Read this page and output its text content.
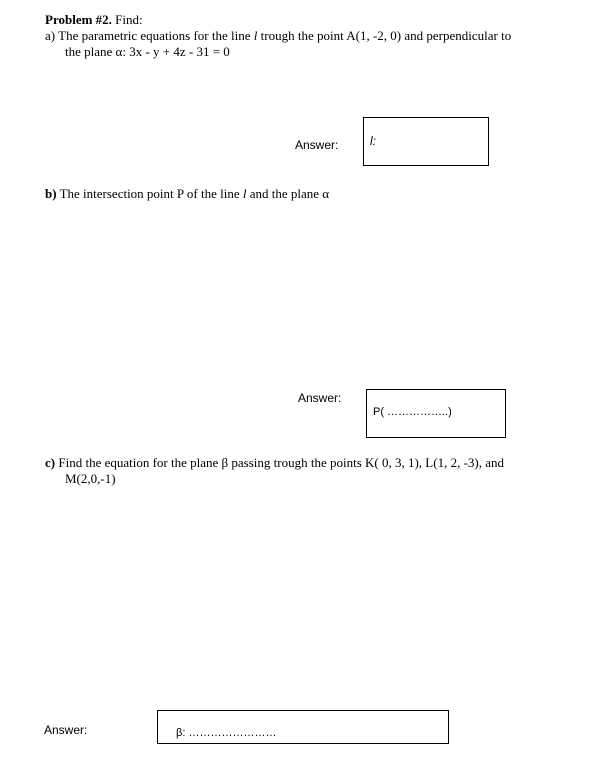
Problem #2. Find:
a) The parametric equations for the line l trough the point A(1, -2, 0) and perpendicular to
the plane α: 3x - y + 4z - 31 = 0
Answer:	l:
b) The intersection point P of the line l and the plane α
Answer:
P( ……………..)
c) Find the equation for the plane β passing trough the points K( 0, 3, 1), L(1, 2, -3), and
M(2,0,-1)
Answer:	β: ……………………
